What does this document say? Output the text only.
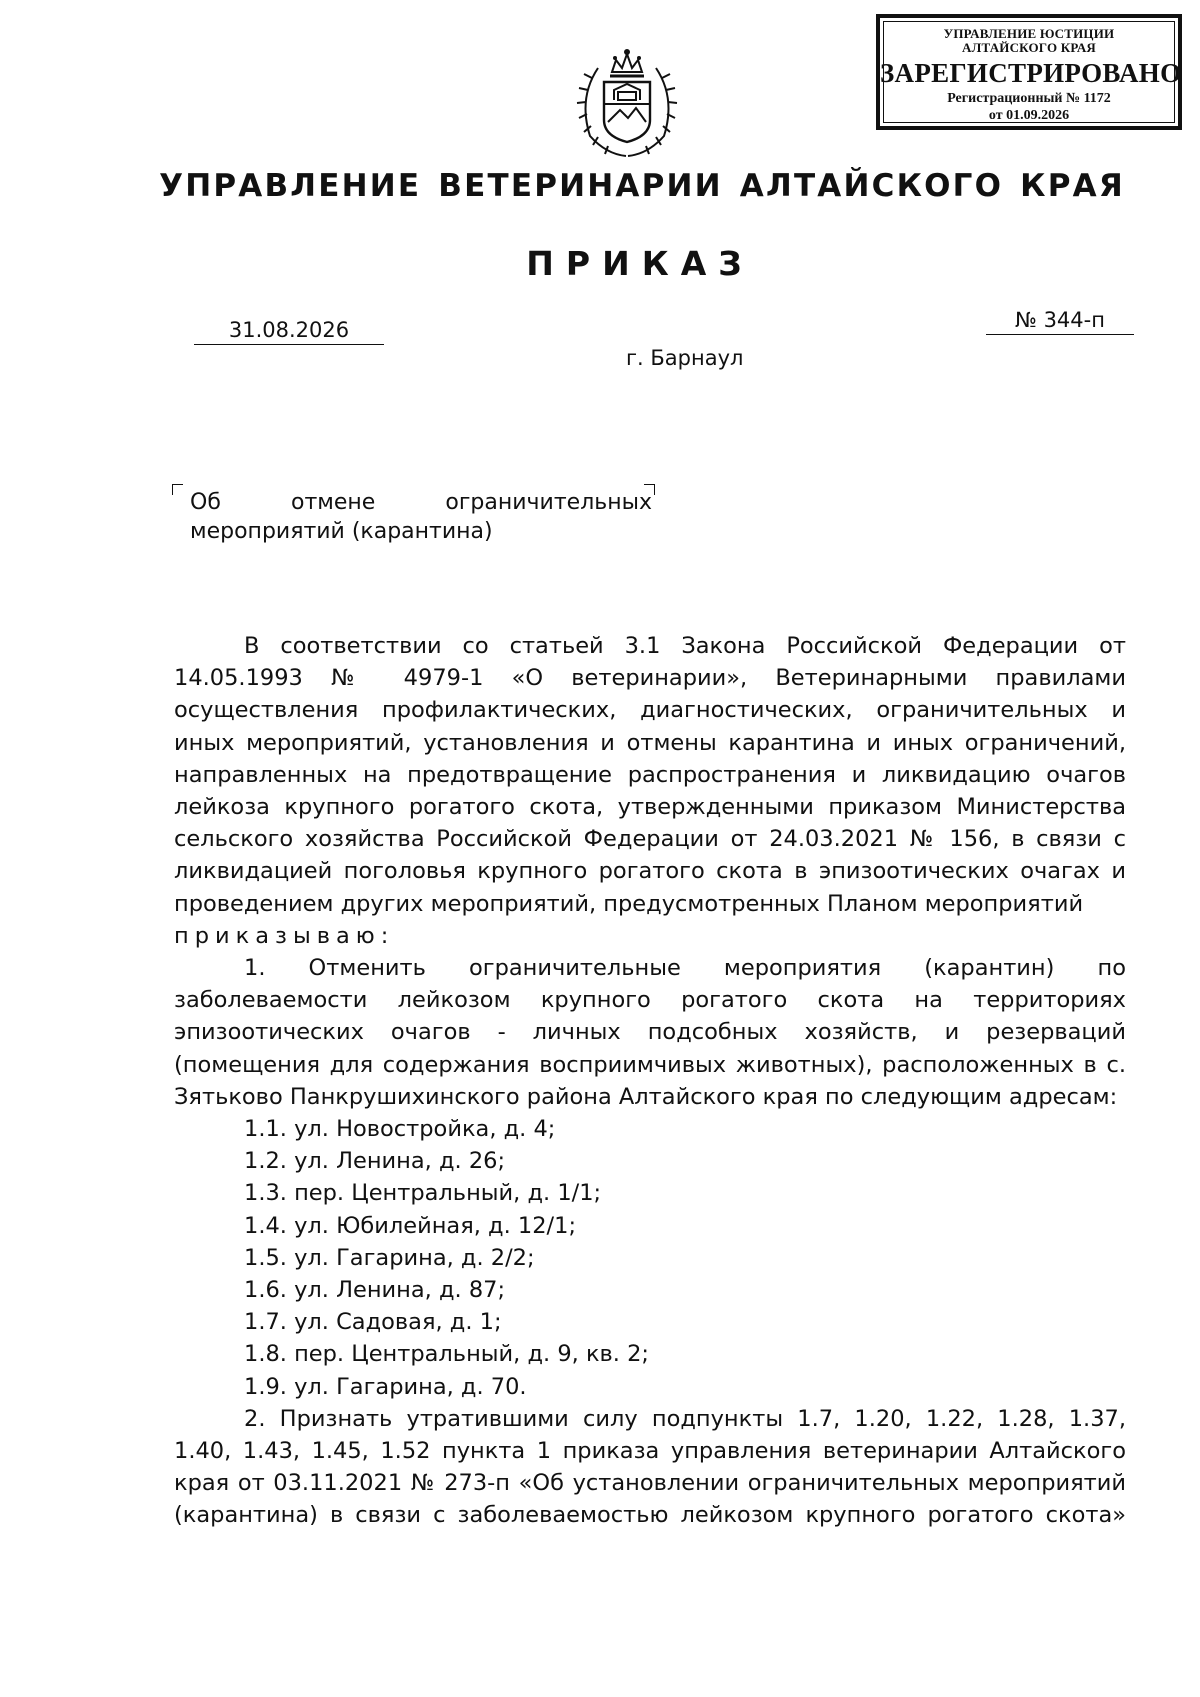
УПРАВЛЕНИЕ ЮСТИЦИИ
АЛТАЙСКОГО КРАЯ
ЗАРЕГИСТРИРОВАНО
Регистрационный № 1172
от 01.09.2026
УПРАВЛЕНИЕ ВЕТЕРИНАРИИ АЛТАЙСКОГО КРАЯ
ПРИКАЗ
31.08.2026	№ 344-п
г. Барнаул
Об отмене ограничительных
мероприятий (карантина)

В соответствии со статьей 3.1 Закона Российской Федерации от 14.05.1993 № 4979-1 «О ветеринарии», Ветеринарными правилами осуществления профилактических, диагностических, ограничительных и иных мероприятий, установления и отмены карантина и иных ограничений, направленных на предотвращение распространения и ликвидацию очагов лейкоза крупного рогатого скота, утвержденными приказом Министерства сельского хозяйства Российской Федерации от 24.03.2021 № 156, в связи с ликвидацией поголовья крупного рогатого скота в эпизоотических очагах и проведением других мероприятий, предусмотренных Планом мероприятий

приказываю:

1. Отменить ограничительные мероприятия (карантин) по заболеваемости лейкозом крупного рогатого скота на территориях эпизоотических очагов - личных подсобных хозяйств, и резерваций (помещения для содержания восприимчивых животных), расположенных в с. Зятьково Панкрушихинского района Алтайского края по следующим адресам:

1.1. ул. Новостройка, д. 4;

1.2. ул. Ленина, д. 26;

1.3. пер. Центральный, д. 1/1;

1.4. ул. Юбилейная, д. 12/1;

1.5. ул. Гагарина, д. 2/2;

1.6. ул. Ленина, д. 87;

1.7. ул. Садовая, д. 1;

1.8. пер. Центральный, д. 9, кв. 2;

1.9. ул. Гагарина, д. 70.

2. Признать утратившими силу подпункты 1.7, 1.20, 1.22, 1.28, 1.37, 1.40, 1.43, 1.45, 1.52 пункта 1 приказа управления ветеринарии Алтайского края от 03.11.2021 № 273-п «Об установлении ограничительных мероприятий (карантина) в связи с заболеваемостью лейкозом крупного рогатого скота»
